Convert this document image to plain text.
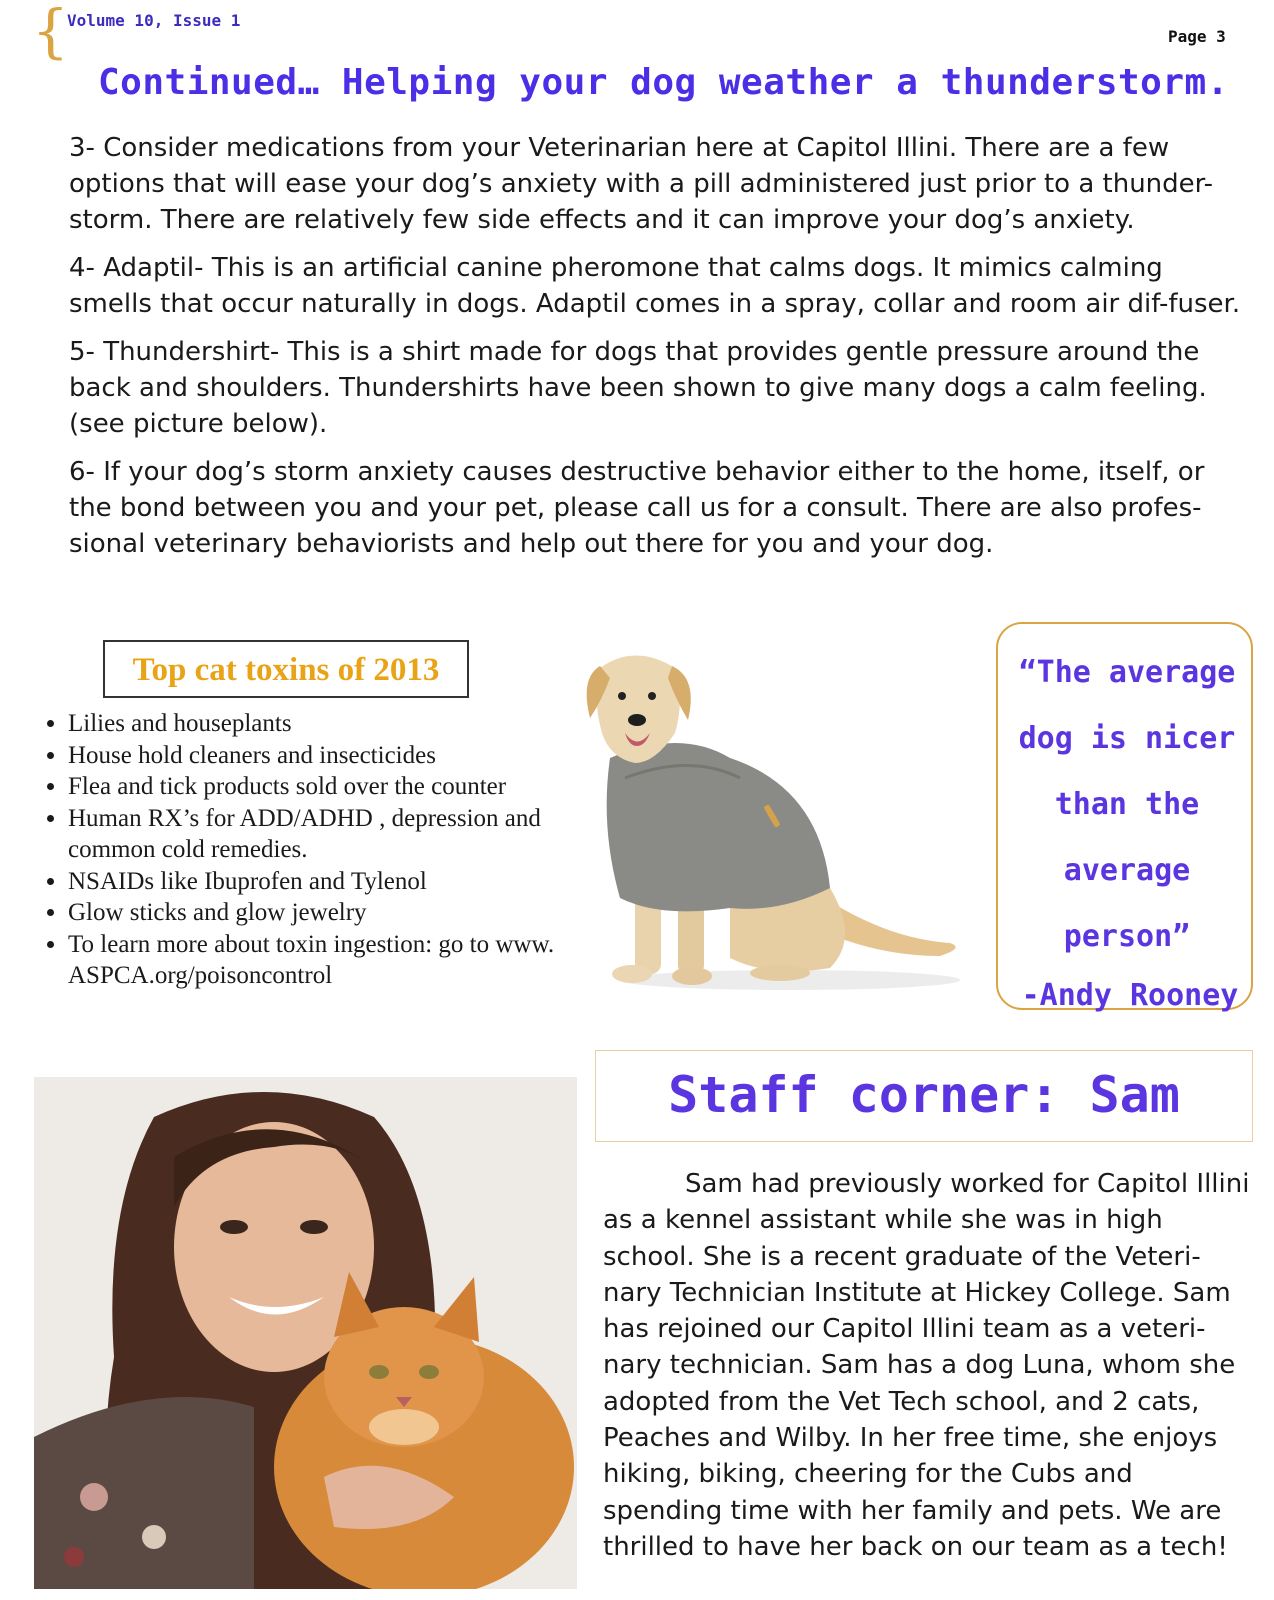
{
Volume 10, Issue 1
Page 3
Continued… Helping your dog weather a thunderstorm.

3- Consider medications from your Veterinarian here at Capitol Illini. There are a few options that will ease your dog’s anxiety with a pill administered just prior to a thunder-storm. There are relatively few side effects and it can improve your dog’s anxiety.

4- Adaptil- This is an artificial canine pheromone that calms dogs. It mimics calming smells that occur naturally in dogs. Adaptil comes in a spray, collar and room air dif-fuser.

5- Thundershirt- This is a shirt made for dogs that provides gentle pressure around the back and shoulders. Thundershirts have been shown to give many dogs a calm feeling. (see picture below).

6- If your dog’s storm anxiety causes destructive behavior either to the home, itself, or the bond between you and your pet, please call us for a consult. There are also profes-sional veterinary behaviorists and help out there for you and your dog.

Top cat toxins of 2013
• Lilies and houseplants
• House hold cleaners and insecticides
• Flea and tick products sold over the counter
• Human RX’s for ADD/ADHD , depression and common cold remedies.
• NSAIDs like Ibuprofen and Tylenol
• Glow sticks and glow jewelry
• To learn more about toxin ingestion: go to www. ASPCA.org/poisoncontrol
“The average dog is nicer than the average person”
-Andy Rooney
Staff corner: Sam

Sam had previously worked for Capitol Illini as a kennel assistant while she was in high school. She is a recent graduate of the Veteri-nary Technician Institute at Hickey College. Sam has rejoined our Capitol Illini team as a veteri-nary technician. Sam has a dog Luna, whom she adopted from the Vet Tech school, and 2 cats, Peaches and Wilby. In her free time, she enjoys hiking, biking, cheering for the Cubs and spending time with her family and pets. We are thrilled to have her back on our team as a tech!
